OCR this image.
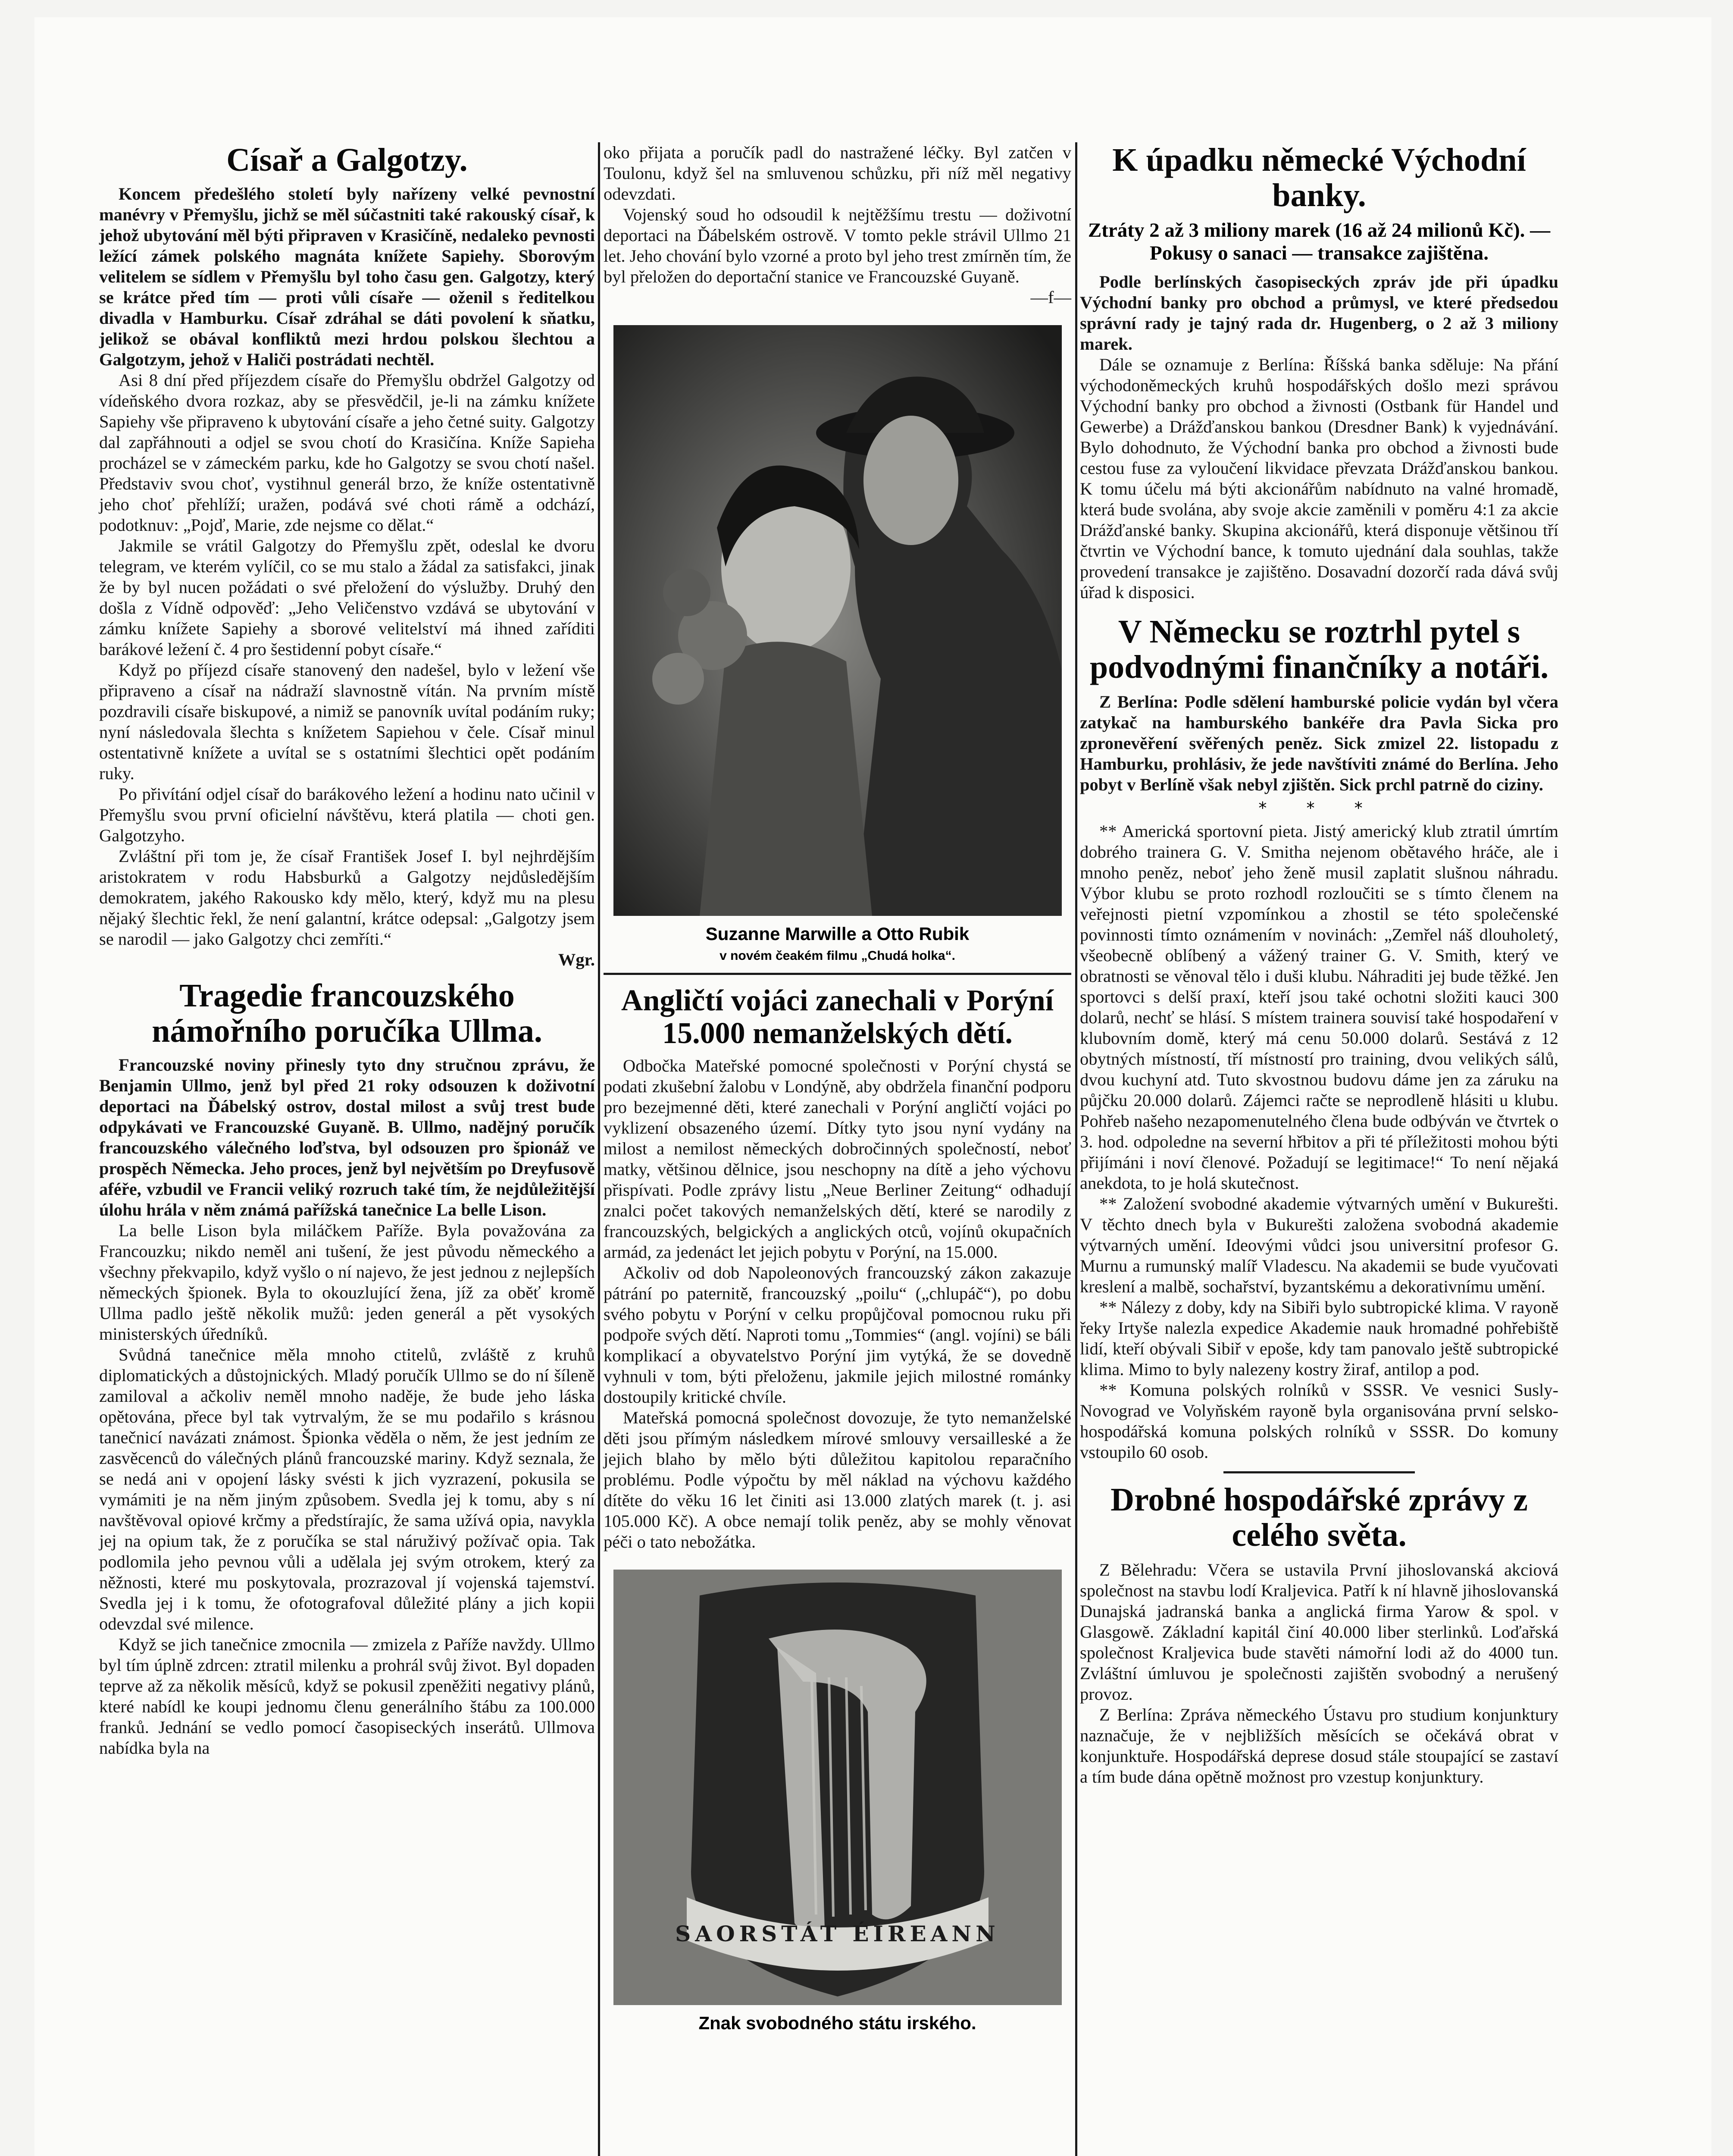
Císař a Galgotzy.

Koncem předešlého století byly nařízeny velké pevnostní manévry v Přemyšlu, jichž se měl súčastniti také rakouský císař, k jehož ubytování měl býti připraven v Krasičíně, nedaleko pevnosti ležící zámek polského magnáta knížete Sapiehy. Sborovým velitelem se sídlem v Přemyšlu byl toho času gen. Galgotzy, který se krátce před tím — proti vůli císaře — oženil s ředitelkou divadla v Hamburku. Císař zdráhal se dáti povolení k sňatku, jelikož se obával konfliktů mezi hrdou polskou šlechtou a Galgotzym, jehož v Haliči postrádati nechtěl.

Asi 8 dní před příjezdem císaře do Přemyšlu obdržel Galgotzy od vídeňského dvora rozkaz, aby se přesvědčil, je-li na zámku knížete Sapiehy vše připraveno k ubytování císaře a jeho četné suity. Galgotzy dal zapřáhnouti a odjel se svou chotí do Krasičína. Kníže Sapieha procházel se v zámeckém parku, kde ho Galgotzy se svou chotí našel. Představiv svou choť, vystihnul generál brzo, že kníže ostentativně jeho choť přehlíží; uražen, podává své choti rámě a odchází, podotknuv: „Pojď, Marie, zde nejsme co dělat.“

Jakmile se vrátil Galgotzy do Přemyšlu zpět, odeslal ke dvoru telegram, ve kterém vylíčil, co se mu stalo a žádal za satisfakci, jinak že by byl nucen požádati o své přeložení do výslužby. Druhý den došla z Vídně odpověď: „Jeho Veličenstvo vzdává se ubytování v zámku knížete Sapiehy a sborové velitelství má ihned zaříditi barákové ležení č. 4 pro šestidenní pobyt císaře.“

Když po příjezd císaře stanovený den nadešel, bylo v ležení vše připraveno a císař na nádraží slavnostně vítán. Na prvním místě pozdravili císaře biskupové, a nimiž se panovník uvítal podáním ruky; nyní následovala šlechta s knížetem Sapiehou v čele. Císař minul ostentativně knížete a uvítal se s ostatními šlechtici opět podáním ruky.

Po přivítání odjel císař do barákového ležení a hodinu nato učinil v Přemyšlu svou první oficielní návštěvu, která platila — choti gen. Galgotzyho.

Zvláštní při tom je, že císař František Josef I. byl nejhrdějším aristokratem v rodu Habsburků a Galgotzy nejdůsledějším demokratem, jakého Rakousko kdy mělo, který, když mu na plesu nějaký šlechtic řekl, že není galantní, krátce odepsal: „Galgotzy jsem se narodil — jako Galgotzy chci zemříti.“

Wgr.

Tragedie francouzského námořního poručíka Ullma.

Francouzské noviny přinesly tyto dny stručnou zprávu, že Benjamin Ullmo, jenž byl před 21 roky odsouzen k doživotní deportaci na Ďábelský ostrov, dostal milost a svůj trest bude odpykávati ve Francouzské Guyaně. B. Ullmo, nadějný poručík francouzského válečného loďstva, byl odsouzen pro špionáž ve prospěch Německa. Jeho proces, jenž byl největším po Dreyfusově aféře, vzbudil ve Francii veliký rozruch také tím, že nejdůležitější úlohu hrála v něm známá pařížská tanečnice La belle Lison.

La belle Lison byla miláčkem Paříže. Byla považována za Francouzku; nikdo neměl ani tušení, že jest původu německého a všechny překvapilo, když vyšlo o ní najevo, že jest jednou z nejlepších německých špionek. Byla to okouzlující žena, jíž za oběť kromě Ullma padlo ještě několik mužů: jeden generál a pět vysokých ministerských úředníků.

Svůdná tanečnice měla mnoho ctitelů, zvláště z kruhů diplomatických a důstojnických. Mladý poručík Ullmo se do ní šíleně zamiloval a ačkoliv neměl mnoho naděje, že bude jeho láska opětována, přece byl tak vytrvalým, že se mu podařilo s krásnou tanečnicí navázati známost. Špionka věděla o něm, že jest jedním ze zasvěcenců do válečných plánů francouzské mariny. Když seznala, že se nedá ani v opojení lásky svésti k jich vyzrazení, pokusila se vymámiti je na něm jiným způsobem. Svedla jej k tomu, aby s ní navštěvoval opiové krčmy a předstírajíc, že sama užívá opia, navykla jej na opium tak, že z poručíka se stal náruživý požívač opia. Tak podlomila jeho pevnou vůli a udělala jej svým otrokem, který za něžnosti, které mu poskytovala, prozrazoval jí vojenská tajemství. Svedla jej i k tomu, že ofotografoval důležité plány a jich kopii odevzdal své milence.

Když se jich tanečnice zmocnila — zmizela z Paříže navždy. Ullmo byl tím úplně zdrcen: ztratil milenku a prohrál svůj život. Byl dopaden teprve až za několik měsíců, když se pokusil zpeněžiti negativy plánů, které nabídl ke koupi jednomu členu generálního štábu za 100.000 franků. Jednání se vedlo pomocí časopiseckých inserátů. Ullmova nabídka byla na

oko přijata a poručík padl do nastražené léčky. Byl zatčen v Toulonu, když šel na smluvenou schůzku, při níž měl negativy odevzdati.

Vojenský soud ho odsoudil k nejtěžšímu trestu — doživotní deportaci na Ďábelském ostrově. V tomto pekle strávil Ullmo 21 let. Jeho chování bylo vzorné a proto byl jeho trest zmírněn tím, že byl přeložen do deportační stanice ve Francouzské Guyaně.

—f—

Suzanne Marwille a Otto Rubik

v novém čeakém filmu „Chudá holka“.

Angličtí vojáci zanechali v Porýní 15.000 nemanželských dětí.

Odbočka Mateřské pomocné společnosti v Porýní chystá se podati zkušební žalobu v Londýně, aby obdržela finanční podporu pro bezejmenné děti, které zanechali v Porýní angličtí vojáci po vyklizení obsazeného území. Dítky tyto jsou nyní vydány na milost a nemilost německých dobročinných společností, neboť matky, většinou dělnice, jsou neschopny na dítě a jeho výchovu přispívati. Podle zprávy listu „Neue Berliner Zeitung“ odhadují znalci počet takových nemanželských dětí, které se narodily z francouzských, belgických a anglických otců, vojínů okupačních armád, za jedenáct let jejich pobytu v Porýní, na 15.000.

Ačkoliv od dob Napoleonových francouzský zákon zakazuje pátrání po paternitě, francouzský „poilu“ („chlupáč“), po dobu svého pobytu v Porýní v celku propůjčoval pomocnou ruku při podpoře svých dětí. Naproti tomu „Tommies“ (angl. vojíni) se báli komplikací a obyvatelstvo Porýní jim vytýká, že se dovedně vyhnuli v tom, býti přeloženu, jakmile jejich milostné románky dostoupily kritické chvíle.

Mateřská pomocná společnost dovozuje, že tyto nemanželské děti jsou přímým následkem mírové smlouvy versailleské a že jejich blaho by mělo býti důležitou kapitolou reparačního problému. Podle výpočtu by měl náklad na výchovu každého dítěte do věku 16 let činiti asi 13.000 zlatých marek (t. j. asi 105.000 Kč). A obce nemají tolik peněz, aby se mohly věnovat péči o tato nebožátka.

SAORSTÁT ÉIREANN

Znak svobodného státu irského.

K úpadku německé Východní banky.

Ztráty 2 až 3 miliony marek (16 až 24 milionů Kč). — Pokusy o sanaci — transakce zajištěna.

Podle berlínských časopiseckých zpráv jde při úpadku Východní banky pro obchod a průmysl, ve které předsedou správní rady je tajný rada dr. Hugenberg, o 2 až 3 miliony marek.

Dále se oznamuje z Berlína: Říšská banka sděluje: Na přání východoněmeckých kruhů hospodářských došlo mezi správou Východní banky pro obchod a živnosti (Ostbank für Handel und Gewerbe) a Drážďanskou bankou (Dresdner Bank) k vyjednávání. Bylo dohodnuto, že Východní banka pro obchod a živnosti bude cestou fuse za vyloučení likvidace převzata Drážďanskou bankou. K tomu účelu má býti akcionářům nabídnuto na valné hromadě, která bude svolána, aby svoje akcie zaměnili v poměru 4:1 za akcie Drážďanské banky. Skupina akcionářů, která disponuje většinou tří čtvrtin ve Východní bance, k tomuto ujednání dala souhlas, takže provedení transakce je zajištěno. Dosavadní dozorčí rada dává svůj úřad k disposici.

V Německu se roztrhl pytel s podvodnými finančníky a notáři.

Z Berlína: Podle sdělení hamburské policie vydán byl včera zatykač na hamburského bankéře dra Pavla Sicka pro zpronevěření svěřených peněz. Sick zmizel 22. listopadu z Hamburku, prohlásiv, že jede navštíviti známé do Berlína. Jeho pobyt v Berlíně však nebyl zjištěn. Sick prchl patrně do ciziny.

* * *

** Americká sportovní pieta. Jistý americký klub ztratil úmrtím dobrého trainera G. V. Smitha nejenom obětavého hráče, ale i mnoho peněz, neboť jeho ženě musil zaplatit slušnou náhradu. Výbor klubu se proto rozhodl rozloučiti se s tímto členem na veřejnosti pietní vzpomínkou a zhostil se této společenské povinnosti tímto oznámením v novinách: „Zemřel náš dlouholetý, všeobecně oblíbený a vážený trainer G. V. Smith, který ve obratnosti se věnoval tělo i duši klubu. Náhraditi jej bude těžké. Jen sportovci s delší praxí, kteří jsou také ochotni složiti kauci 300 dolarů, nechť se hlásí. S místem trainera souvisí také hospodaření v klubovním domě, který má cenu 50.000 dolarů. Sestává z 12 obytných místností, tří místností pro training, dvou velikých sálů, dvou kuchyní atd. Tuto skvostnou budovu dáme jen za záruku na půjčku 20.000 dolarů. Zájemci račte se neprodleně hlásiti u klubu. Pohřeb našeho nezapomenutelného člena bude odbýván ve čtvrtek o 3. hod. odpoledne na severní hřbitov a při té příležitosti mohou býti přijímáni i noví členové. Požadují se legitimace!“ To není nějaká anekdota, to je holá skutečnost.

** Založení svobodné akademie výtvarných umění v Bukurešti. V těchto dnech byla v Bukurešti založena svobodná akademie výtvarných umění. Ideovými vůdci jsou universitní profesor G. Murnu a rumunský malíř Vladescu. Na akademii se bude vyučovati kreslení a malbě, sochařství, byzantskému a dekorativnímu umění.

** Nálezy z doby, kdy na Sibiři bylo subtropické klima. V rayoně řeky Irtyše nalezla expedice Akademie nauk hromadné pohřebiště lidí, kteří obývali Sibiř v epoše, kdy tam panovalo ještě subtropické klima. Mimo to byly nalezeny kostry žiraf, antilop a pod.

** Komuna polských rolníků v SSSR. Ve vesnici Susly-Novograd ve Volyňském rayoně byla organisována první selsko-hospodářská komuna polských rolníků v SSSR. Do komuny vstoupilo 60 osob.

Drobné hospodářské zprávy z celého světa.

Z Bělehradu: Včera se ustavila První jihoslovanská akciová společnost na stavbu lodí Kraljevica. Patří k ní hlavně jihoslovanská Dunajská jadranská banka a anglická firma Yarow & spol. v Glasgowě. Základní kapitál činí 40.000 liber sterlinků. Loďařská společnost Kraljevica bude stavěti námořní lodi až do 4000 tun. Zvláštní úmluvou je společnosti zajištěn svobodný a nerušený provoz.

Z Berlína: Zpráva německého Ústavu pro studium konjunktury naznačuje, že v nejbližších měsících se očekává obrat v konjunktuře. Hospodářská deprese dosud stále stoupající se zastaví a tím bude dána opětně možnost pro vzestup konjunktury.
